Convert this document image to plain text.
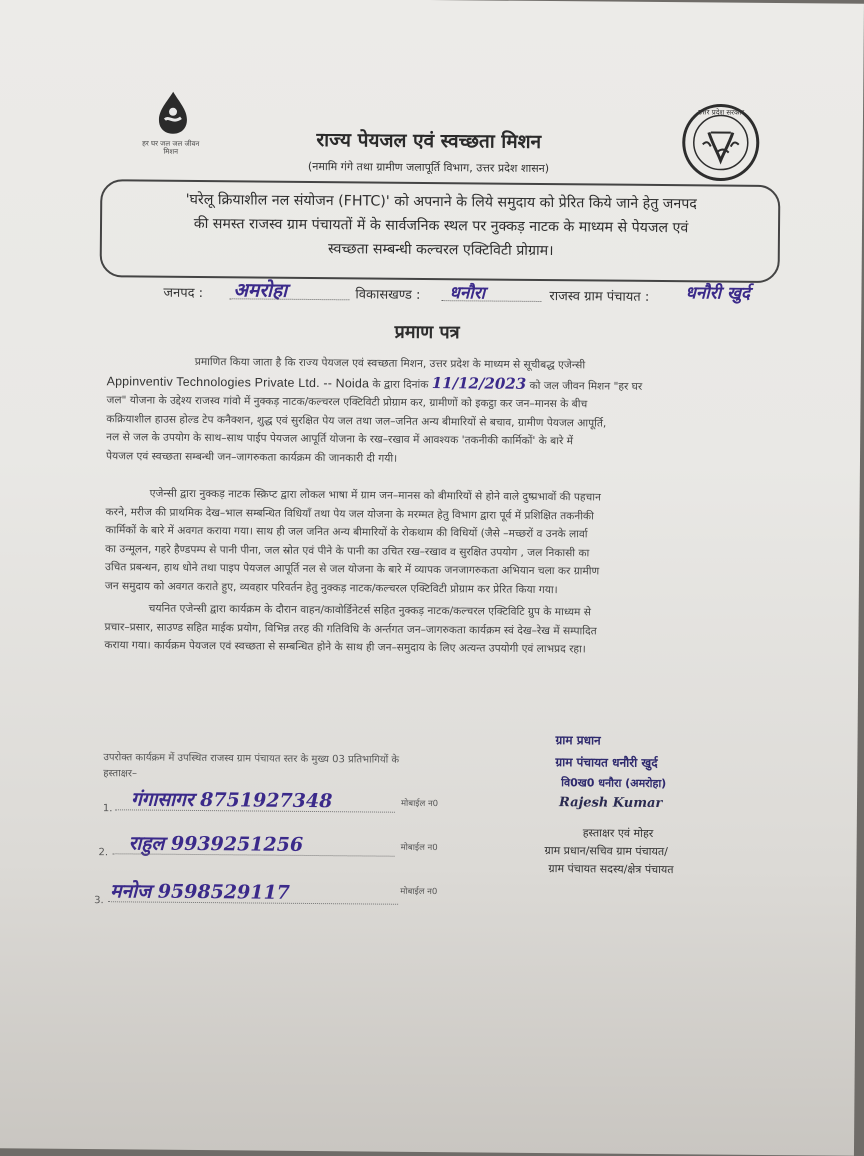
हर घर जल जल जीवन मिशन
उत्तर प्रदेश सरकार
राज्य पेयजल एवं स्वच्छता मिशन
(नमामि गंगे तथा ग्रामीण जलापूर्ति विभाग, उत्तर प्रदेश शासन)
'घरेलू क्रियाशील नल संयोजन (FHTC)' को अपनाने के लिये समुदाय को प्रेरित किये जाने हेतु जनपद
की समस्त राजस्व ग्राम पंचायतों में के सार्वजनिक स्थल पर नुक्कड़ नाटक के माध्यम से पेयजल एवं
स्वच्छता सम्बन्धी कल्चरल एक्टिविटी प्रोग्राम।
जनपद : अमरोहा	विकासखण्ड : धनौरा	राजस्व ग्राम पंचायत : धनौरी खुर्द
प्रमाण पत्र
प्रमाणित किया जाता है कि राज्य पेयजल एवं स्वच्छता मिशन, उत्तर प्रदेश के माध्यम से सूचीबद्ध एजेन्सी
Appinventiv Technologies Private Ltd. -- Noida के द्वारा दिनांक 11/12/2023 को जल जीवन मिशन "हर घर
जल" योजना के उद्देश्य राजस्व गांवो में नुक्कड़ नाटक/कल्चरल एक्टिविटी प्रोग्राम कर, ग्रामीणों को इकट्ठा कर जन–मानस के बीच
कक्रियाशील हाउस होल्ड टेप कनैक्शन, शुद्ध एवं सुरक्षित पेय जल तथा जल–जनित अन्य बीमारियों से बचाव, ग्रामीण पेयजल आपूर्ति,
नल से जल के उपयोग के साथ–साथ पाईप पेयजल आपूर्ति योजना के रख–रखाव में आवश्यक 'तकनीकी कार्मिकों' के बारे में
पेयजल एवं स्वच्छता सम्बन्धी जन–जागरुकता कार्यक्रम की जानकारी दी गयी।
एजेन्सी द्वारा नुक्कड़ नाटक स्क्रिप्ट द्वारा लोकल भाषा में ग्राम जन–मानस को बीमारियों से होने वाले दुष्प्रभावों की पहचान
करने, मरीज की प्राथमिक देख–भाल सम्बन्धित विधियाँ तथा पेय जल योजना के मरम्मत हेतु विभाग द्वारा पूर्व में प्रशिक्षित तकनीकी
कार्मिकों के बारे में अवगत कराया गया। साथ ही जल जनित अन्य बीमारियों के रोकथाम की विधियों (जैसे –मच्छरों व उनके लार्वा
का उन्मूलन, गहरे हैण्डपम्प से पानी पीना, जल स्रोत एवं पीने के पानी का उचित रख–रखाव व सुरक्षित उपयोग , जल निकासी का
उचित प्रबन्धन, हाथ धोने तथा पाइप पेयजल आपूर्ति नल से जल योजना के बारे में व्यापक जनजागरुकता अभियान चला कर ग्रामीण
जन समुदाय को अवगत कराते हुए, व्यवहार परिवर्तन हेतु नुक्कड़ नाटक/कल्चरल एक्टिविटी प्रोग्राम कर प्रेरित किया गया।
चयनित एजेन्सी द्वारा कार्यक्रम के दौरान वाहन/कावोर्डिनेटर्स सहित नुक्कड़ नाटक/कल्चरल एक्टिविटि ग्रुप के माध्यम से
प्रचार–प्रसार, साउण्ड सहित माईक प्रयोग, विभिन्न तरह की गतिविधि के अर्न्तगत जन–जागरुकता कार्यक्रम स्वं देख–रेख में सम्पादित
कराया गया। कार्यक्रम पेयजल एवं स्वच्छता से सम्बन्धित होने के साथ ही जन–समुदाय के लिए अत्यन्त उपयोगी एवं लाभप्रद रहा।
उपरोक्त कार्यक्रम में उपस्थित राजस्व ग्राम पंचायत स्तर के मुख्य 03 प्रतिभागियों के
हस्ताक्षर–
1. गंगासागर 8751927348	मोबाईल न0
2. राहुल 9939251256	मोबाईल न0
3. मनोज 9598529117	मोबाईल न0
ग्राम प्रधान
ग्राम पंचायत धनौरी खुर्द
वि0ख0 धनौरा (अमरोहा)
Rajesh Kumar
हस्ताक्षर एवं मोहर
ग्राम प्रधान/सचिव ग्राम पंचायत/
ग्राम पंचायत सदस्य/क्षेत्र पंचायत
